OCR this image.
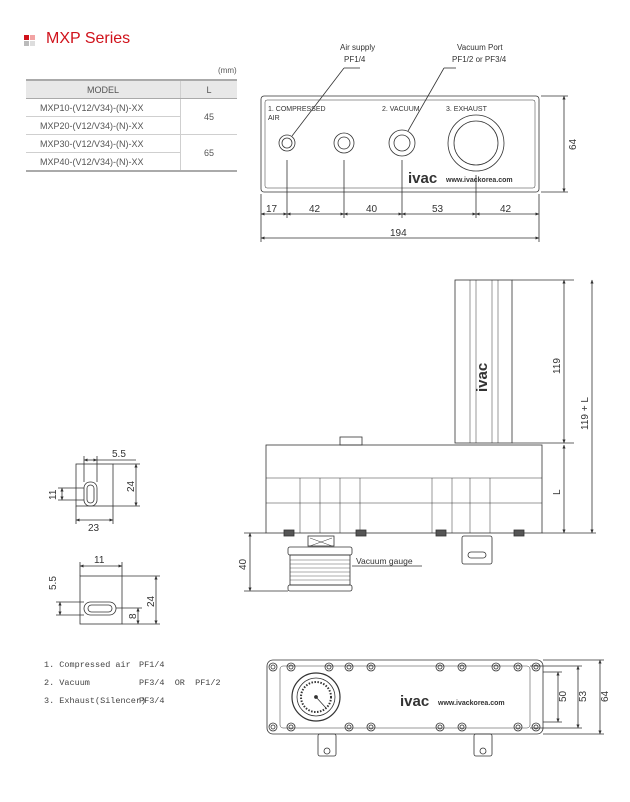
MXP Series
(mm)
MODEL	L
MXP10-(V12/V34)-(N)-XX	45
MXP20-(V12/V34)-(N)-XX	
MXP30-(V12/V34)-(N)-XX	65
MXP40-(V12/V34)-(N)-XX	
Air supply
PF1/4
Vacuum Port
PF1/2 or PF3/4
1. COMPRESSED
AIR
2. VACUUM	3. EXHAUST
ivac www.ivackorea.com
17	42	40	53	42
194
64
ivac	119
119 + L
L
40	Vacuum gauge
5.5
11
24
23
11
5.5
8
24
ivac www.ivackorea.com
50 53 64
1. Compressed air PF1/4
2. Vacuum	PF3/4  OR  PF1/2
3. Exhaust(Silencer)PF3/4
